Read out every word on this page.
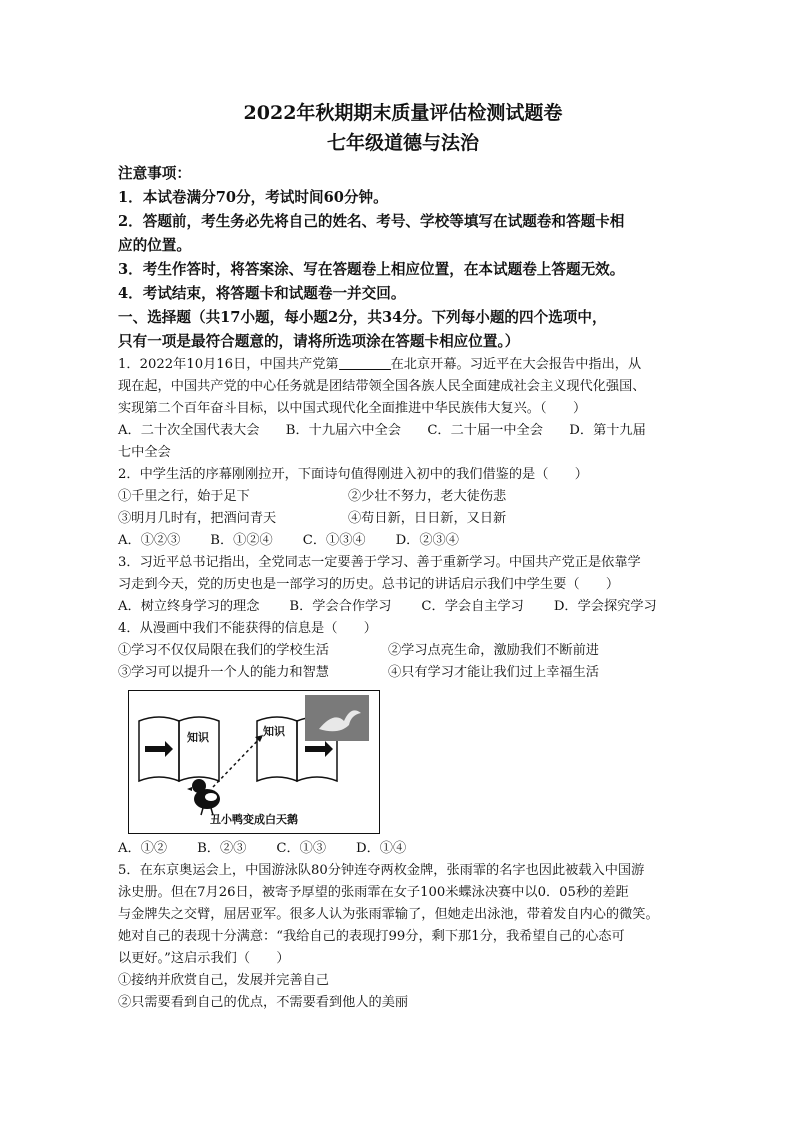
2022年秋期期末质量评估检测试题卷

七年级道德与法治

注意事项：

1．本试卷满分70分，考试时间60分钟。

2．答题前，考生务必先将自己的姓名、考号、学校等填写在试题卷和答题卡相

应的位置。

3．考生作答时，将答案涂、写在答题卷上相应位置，在本试题卷上答题无效。

4．考试结束，将答题卡和试题卷一并交回。

一、选择题（共17小题，每小题2分，共34分。下列每小题的四个选项中，

只有一项是最符合题意的，请将所选项涂在答题卡相应位置。）

1．2022年10月16日，中国共产党第	在北京开幕。习近平在大会报告中指出，从

现在起，中国共产党的中心任务就是团结带领全国各族人民全面建成社会主义现代化强国、

实现第二个百年奋斗目标，以中国式现代化全面推进中华民族伟大复兴。（　　）

A．二十次全国代表大会　　B．十九届六中全会　　C．二十届一中全会　　D．第十九届

七中全会

2．中学生活的序幕刚刚拉开，下面诗句值得刚进入初中的我们借鉴的是（　　）

①千里之行，始于足下	②少壮不努力，老大徒伤悲
③明月几时有，把酒问青天	④苟日新，日日新，又日新
A．①②③ B．①②④ C．①③④ D．②③④

3．习近平总书记指出，全党同志一定要善于学习、善于重新学习。中国共产党正是依靠学

习走到今天，党的历史也是一部学习的历史。总书记的讲话启示我们中学生要（　　）

A．树立终身学习的理念 B．学会合作学习 C．学会自主学习 D．学会探究学习

4．从漫画中我们不能获得的信息是（　　）

①学习不仅仅局限在我们的学校生活	②学习点亮生命，激励我们不断前进
③学习可以提升一个人的能力和智慧	④只有学习才能让我们过上幸福生活
知识	知识
丑小鸭变成白天鹅
A．①② B．②③ C．①③ D．①④

5．在东京奥运会上，中国游泳队80分钟连夺两枚金牌，张雨霏的名字也因此被载入中国游

泳史册。但在7月26日，被寄予厚望的张雨霏在女子100米蝶泳决赛中以0．05秒的差距

与金牌失之交臂，屈居亚军。很多人认为张雨霏输了，但她走出泳池，带着发自内心的微笑。

她对自己的表现十分满意：“我给自己的表现打99分，剩下那1分，我希望自己的心态可

以更好。”这启示我们（　　）

①接纳并欣赏自己，发展并完善自己

②只需要看到自己的优点，不需要看到他人的美丽
